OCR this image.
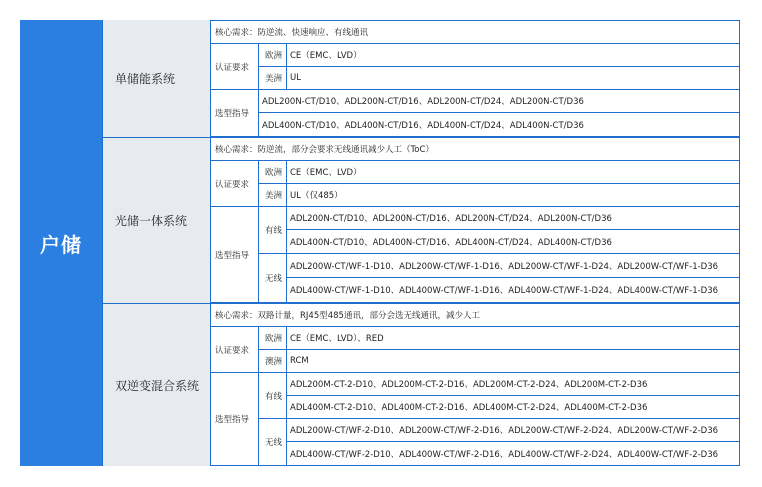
户储
单储能系统
核心需求：防逆流、快速响应、有线通讯
认证要求
欧洲 CE（EMC、LVD）
美洲 UL
选型指导
ADL200N-CT/D10、ADL200N-CT/D16、ADL200N-CT/D24、ADL200N-CT/D36
ADL400N-CT/D10、ADL400N-CT/D16、ADL400N-CT/D24、ADL400N-CT/D36
光储一体系统
核心需求：防逆流，部分会要求无线通讯减少人工（ToC）
认证要求
欧洲 CE（EMC、LVD）
美洲 UL（仅485）
选型指导
有线
ADL200N-CT/D10、ADL200N-CT/D16、ADL200N-CT/D24、ADL200N-CT/D36
ADL400N-CT/D10、ADL400N-CT/D16、ADL400N-CT/D24、ADL400N-CT/D36
无线
ADL200W-CT/WF-1-D10、ADL200W-CT/WF-1-D16、ADL200W-CT/WF-1-D24、ADL200W-CT/WF-1-D36
ADL400W-CT/WF-1-D10、ADL400W-CT/WF-1-D16、ADL400W-CT/WF-1-D24、ADL400W-CT/WF-1-D36
双逆变混合系统
核心需求：双路计量，RJ45型485通讯，部分会选无线通讯，减少人工
认证要求
欧洲 CE（EMC、LVD）、RED
澳洲 RCM
选型指导
有线
ADL200M-CT-2-D10、ADL200M-CT-2-D16、ADL200M-CT-2-D24、ADL200M-CT-2-D36
ADL400M-CT-2-D10、ADL400M-CT-2-D16、ADL400M-CT-2-D24、ADL400M-CT-2-D36
无线
ADL200W-CT/WF-2-D10、ADL200W-CT/WF-2-D16、ADL200W-CT/WF-2-D24、ADL200W-CT/WF-2-D36
ADL400W-CT/WF-2-D10、ADL400W-CT/WF-2-D16、ADL400W-CT/WF-2-D24、ADL400W-CT/WF-2-D36
